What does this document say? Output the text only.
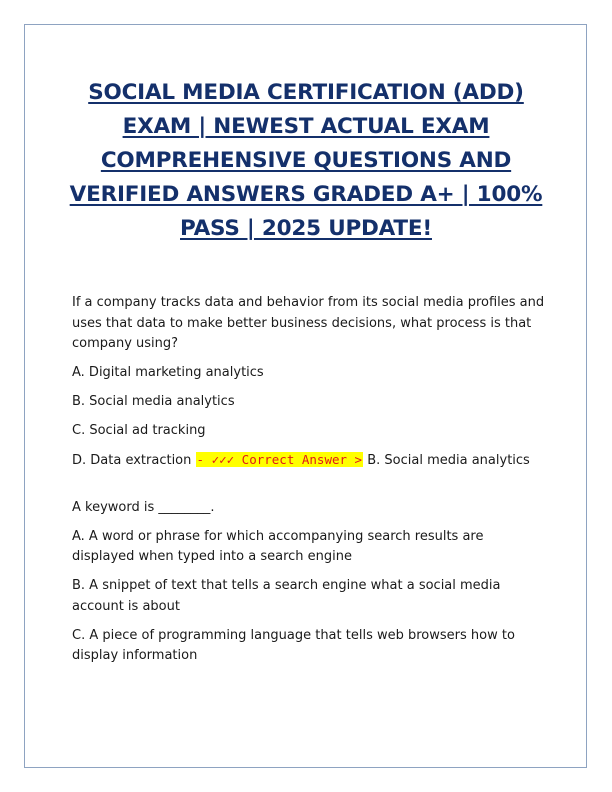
SOCIAL MEDIA CERTIFICATION (ADD) EXAM | NEWEST ACTUAL EXAM COMPREHENSIVE QUESTIONS AND VERIFIED ANSWERS GRADED A+ | 100% PASS | 2025 UPDATE!

If a company tracks data and behavior from its social media profiles and uses that data to make better business decisions, what process is that company using?

A. Digital marketing analytics

B. Social media analytics

C. Social ad tracking

D. Data extraction - ✓✓✓ Correct Answer > B. Social media analytics

A keyword is ________.

A. A word or phrase for which accompanying search results are displayed when typed into a search engine

B. A snippet of text that tells a search engine what a social media account is about

C. A piece of programming language that tells web browsers how to display information
